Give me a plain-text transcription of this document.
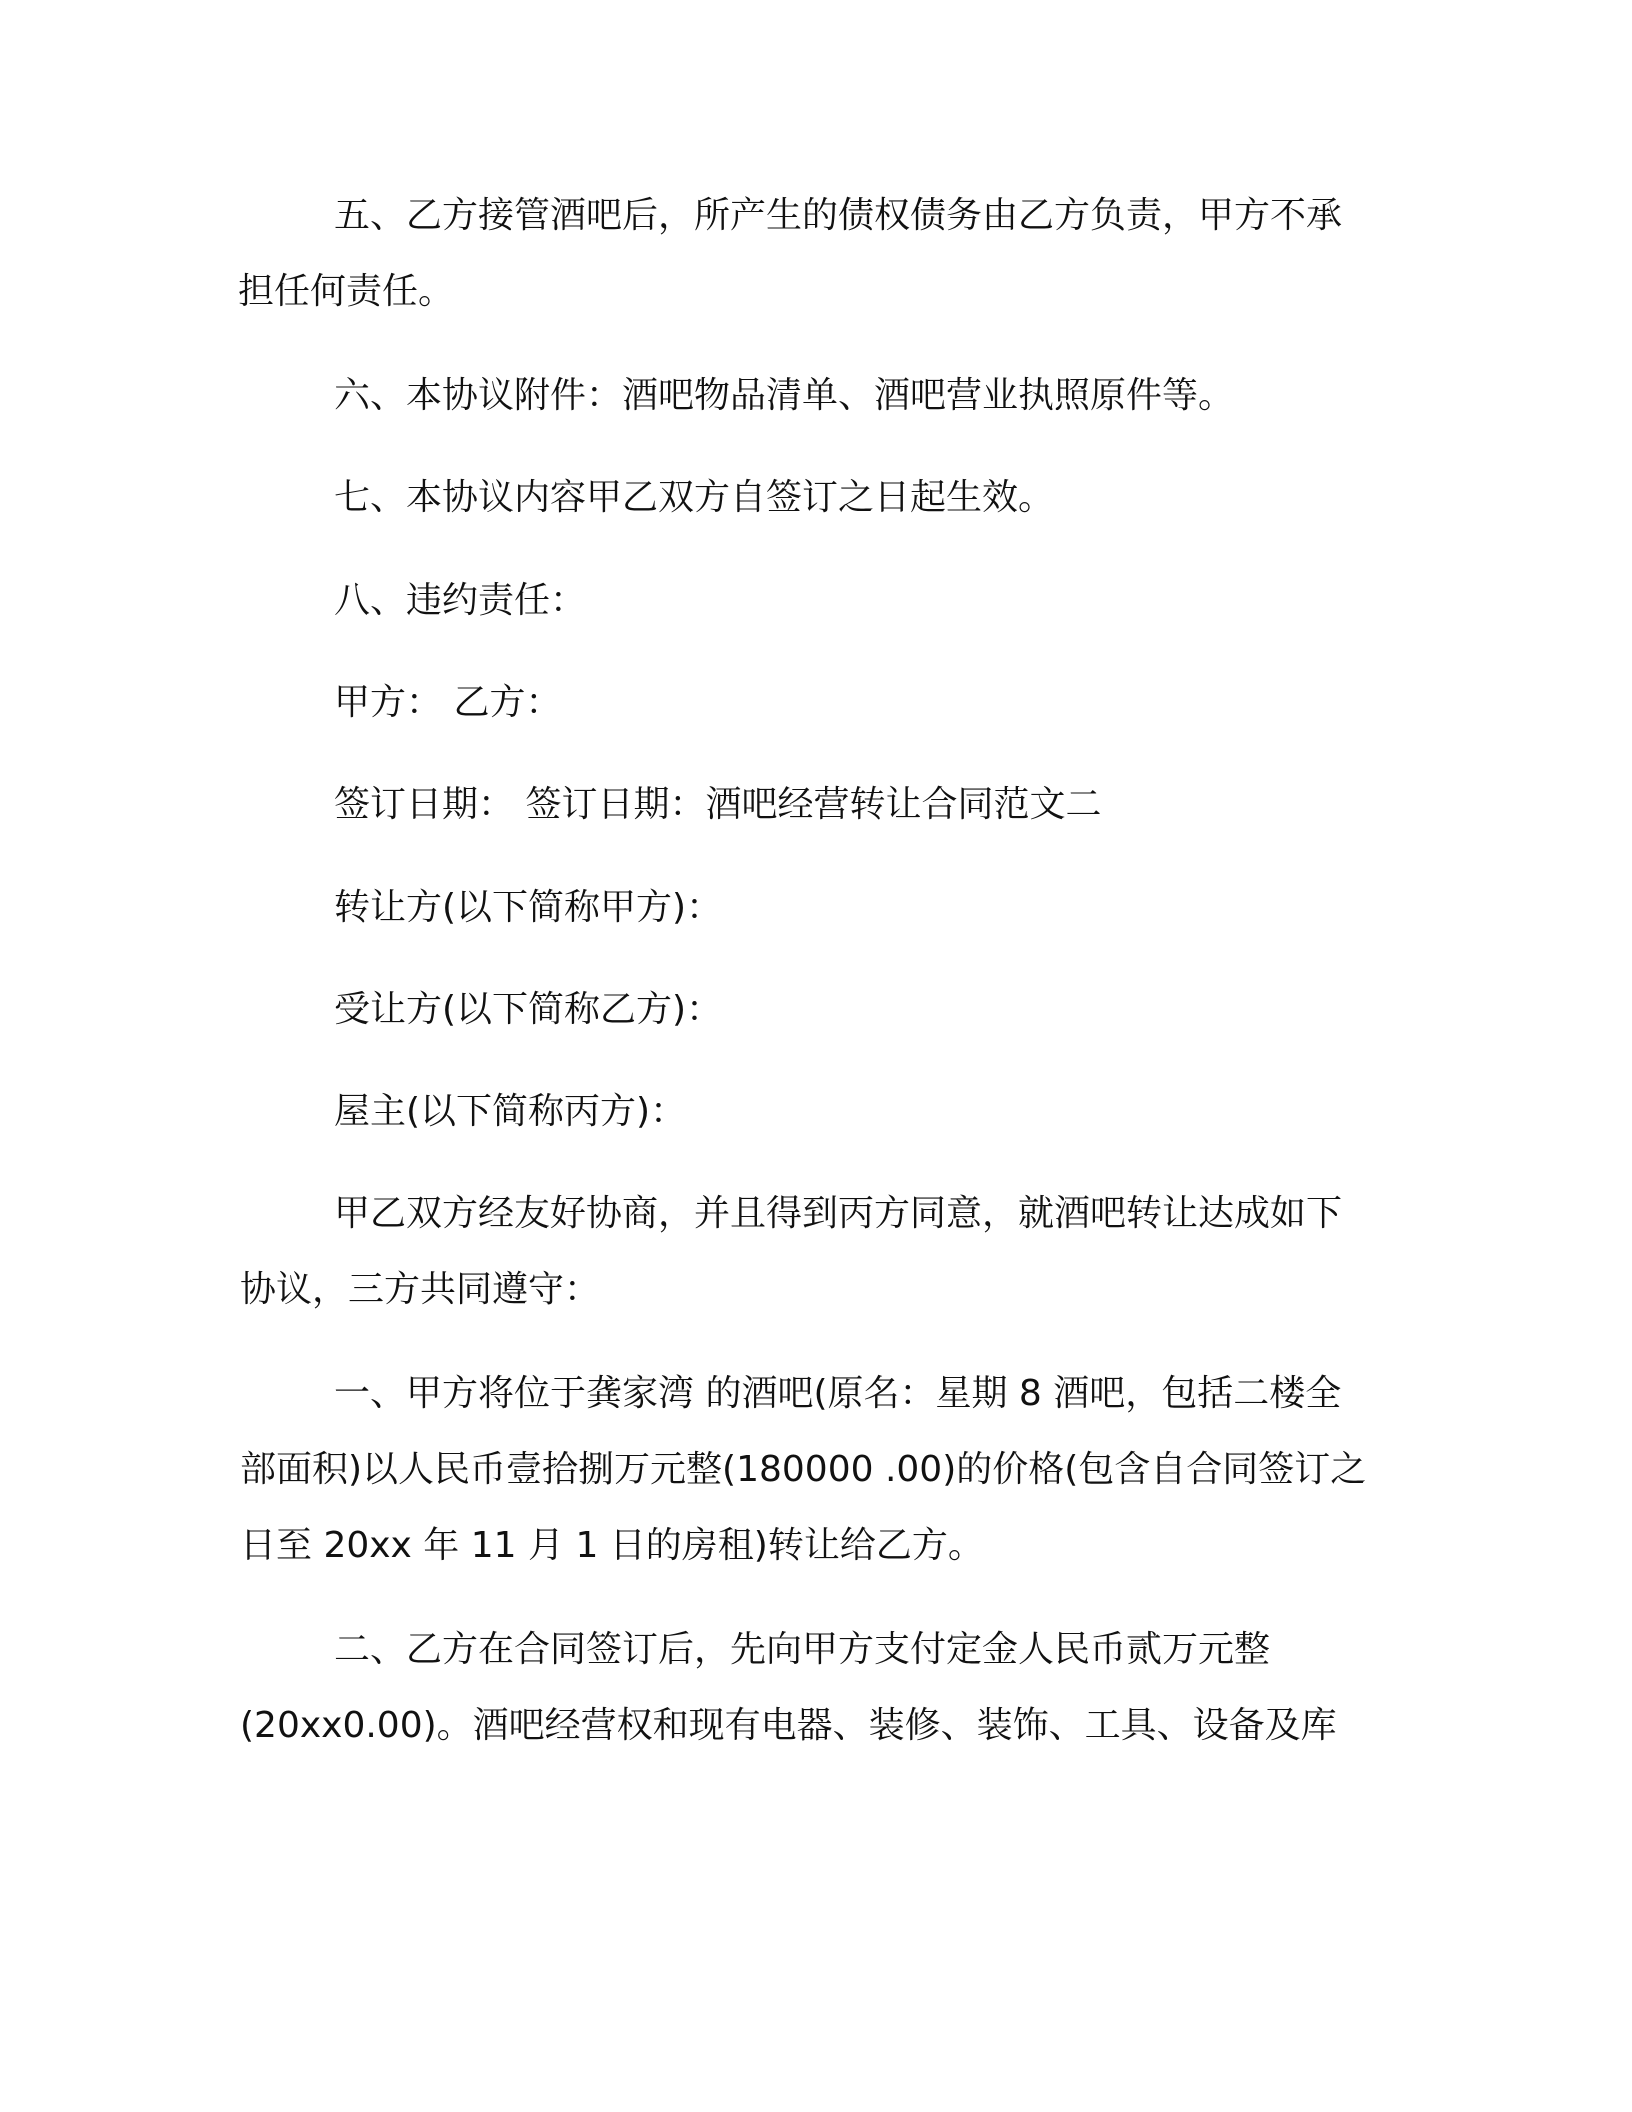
五、乙方接管酒吧后，所产生的债权债务由乙方负责，甲方不承
担任何责任。
六、本协议附件：酒吧物品清单、酒吧营业执照原件等。
七、本协议内容甲乙双方自签订之日起生效。
八、违约责任：
甲方： 乙方：
签订日期： 签订日期：酒吧经营转让合同范文二
转让方(以下简称甲方)：
受让方(以下简称乙方)：
屋主(以下简称丙方)：
甲乙双方经友好协商，并且得到丙方同意，就酒吧转让达成如下
协议，三方共同遵守：
一、甲方将位于龚家湾 的酒吧(原名：星期 8 酒吧，包括二楼全
部面积)以人民币壹拾捌万元整(180000 .00)的价格(包含自合同签订之
日至 20xx 年 11 月 1 日的房租)转让给乙方。
二、乙方在合同签订后，先向甲方支付定金人民币贰万元整
(20xx0.00)。酒吧经营权和现有电器、装修、装饰、工具、设备及库
